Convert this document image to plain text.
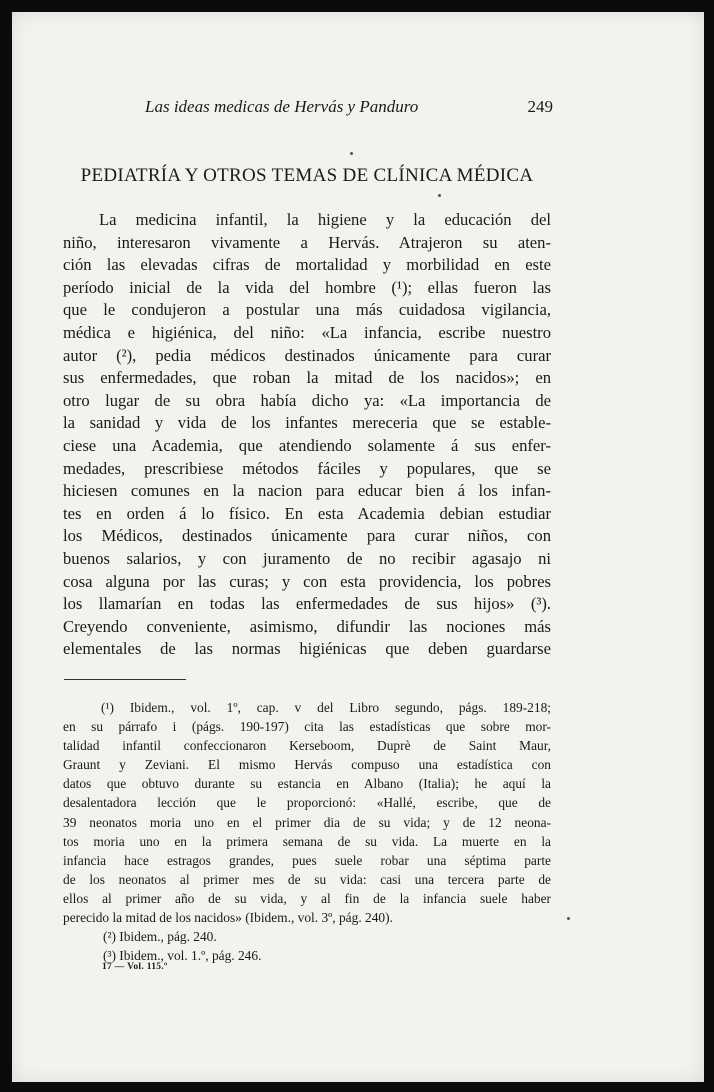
Las ideas medicas de Hervás y Panduro	249
PEDIATRÍA Y OTROS TEMAS DE CLÍNICA MÉDICA
La medicina infantil, la higiene y la educación del
niño, interesaron vivamente a Hervás. Atrajeron su aten-
ción las elevadas cifras de mortalidad y morbilidad en este
período inicial de la vida del hombre (¹); ellas fueron las
que le condujeron a postular una más cuidadosa vigilancia,
médica e higiénica, del niño: «La infancia, escribe nuestro
autor (²), pedia médicos destinados únicamente para curar
sus enfermedades, que roban la mitad de los nacidos»; en
otro lugar de su obra había dicho ya: «La importancia de
la sanidad y vida de los infantes mereceria que se estable-
ciese una Academia, que atendiendo solamente á sus enfer-
medades, prescribiese métodos fáciles y populares, que se
hiciesen comunes en la nacion para educar bien á los infan-
tes en orden á lo físico. En esta Academia debian estudiar
los Médicos, destinados únicamente para curar niños, con
buenos salarios, y con juramento de no recibir agasajo ni
cosa alguna por las curas; y con esta providencia, los pobres
los llamarían en todas las enfermedades de sus hijos» (³).
Creyendo conveniente, asimismo, difundir las nociones más
elementales de las normas higiénicas que deben guardarse
(¹) Ibidem., vol. 1º, cap. v del Libro segundo, págs. 189-218;
en su párrafo i (págs. 190-197) cita las estadísticas que sobre mor-
talidad infantil confeccionaron Kerseboom, Duprè de Saint Maur,
Graunt y Zeviani. El mismo Hervás compuso una estadística con
datos que obtuvo durante su estancia en Albano (Italia); he aquí la
desalentadora lección que le proporcionó: «Hallé, escribe, que de
39 neonatos moria uno en el primer dia de su vida; y de 12 neona-
tos moria uno en la primera semana de su vida. La muerte en la
infancia hace estragos grandes, pues suele robar una séptima parte
de los neonatos al primer mes de su vida: casi una tercera parte de
ellos al primer año de su vida, y al fin de la infancia suele haber
perecido la mitad de los nacidos» (Ibidem., vol. 3º, pág. 240).
(²) Ibidem., pág. 240.
(³) Ibidem., vol. 1.º, pág. 246.
17 — Vol. 115.º
